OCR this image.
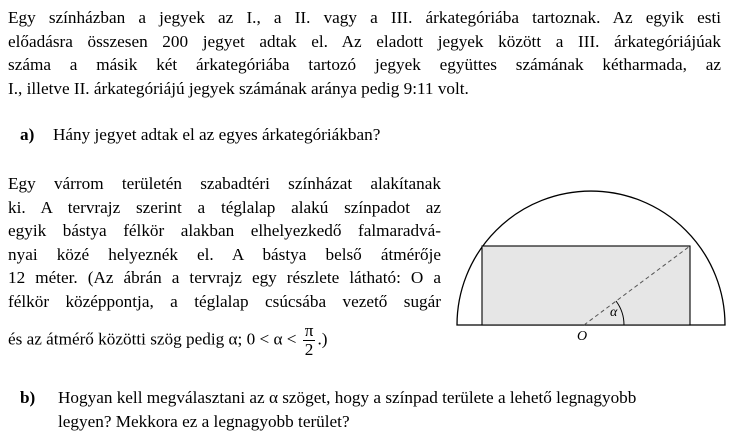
Egy színházban a jegyek az I., a II. vagy a III. árkategóriába tartoznak. Az egyik esti
előadásra összesen 200 jegyet adtak el. Az eladott jegyek között a III. árkategóriájúak
száma a másik két árkategóriába tartozó jegyek együttes számának kétharmada, az
I., illetve II. árkategóriájú jegyek számának aránya pedig 9:11 volt.
a) Hány jegyet adtak el az egyes árkategóriákban?
Egy várrom területén szabadtéri színházat alakítanak
ki. A tervrajz szerint a téglalap alakú színpadot az
egyik bástya félkör alakban elhelyezkedő falmaradvá-
nyai közé helyeznék el. A bástya belső átmérője
12 méter. (Az ábrán a tervrajz egy részlete látható: O a
félkör középpontja, a téglalap csúcsába vezető sugár
és az átmérő közötti szög pedig α; $0 < \alpha < \frac{\pi}{2}$ .)
α
O
b) Hogyan kell megválasztani az α szöget, hogy a színpad területe a lehető legnagyobb
legyen? Mekkora ez a legnagyobb terület?
